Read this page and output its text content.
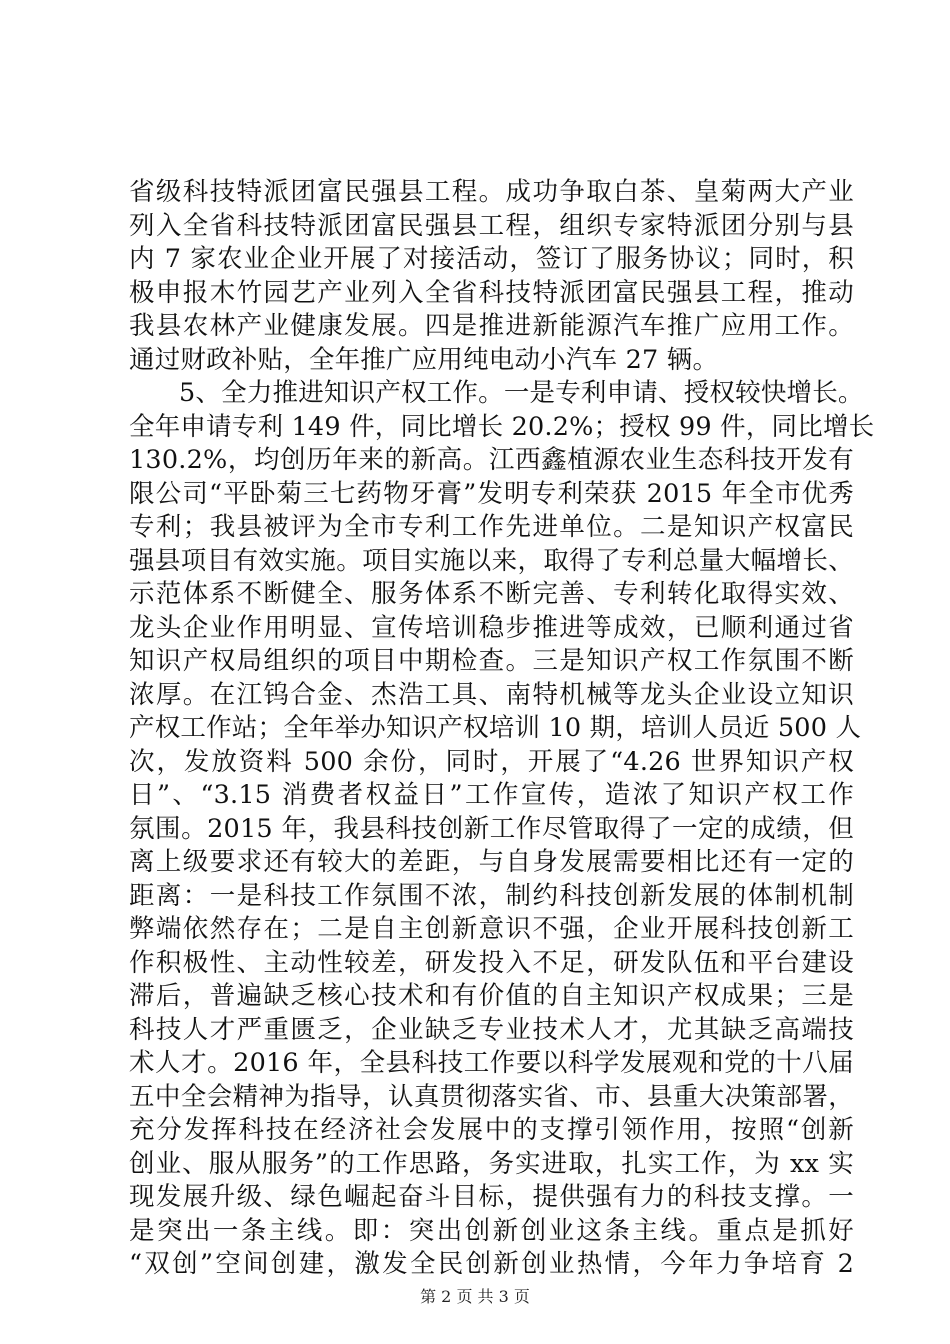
省级科技特派团富民强县工程。成功争取白茶、皇菊两大产业
列入全省科技特派团富民强县工程，组织专家特派团分别与县
内 7 家农业企业开展了对接活动，签订了服务协议；同时，积
极申报木竹园艺产业列入全省科技特派团富民强县工程，推动
我县农林产业健康发展。四是推进新能源汽车推广应用工作。
通过财政补贴，全年推广应用纯电动小汽车 27 辆。
5、全力推进知识产权工作。一是专利申请、授权较快增长。
全年申请专利 149 件，同比增长 20.2%；授权 99 件，同比增长
130.2%，均创历年来的新高。江西鑫植源农业生态科技开发有
限公司“平卧菊三七药物牙膏”发明专利荣获 2015 年全市优秀
专利；我县被评为全市专利工作先进单位。二是知识产权富民
强县项目有效实施。项目实施以来，取得了专利总量大幅增长、
示范体系不断健全、服务体系不断完善、专利转化取得实效、
龙头企业作用明显、宣传培训稳步推进等成效，已顺利通过省
知识产权局组织的项目中期检查。三是知识产权工作氛围不断
浓厚。在江钨合金、杰浩工具、南特机械等龙头企业设立知识
产权工作站；全年举办知识产权培训 10 期，培训人员近 500 人
次，发放资料 500 余份，同时，开展了“4.26 世界知识产权
日”、“3.15 消费者权益日”工作宣传，造浓了知识产权工作
氛围。2015 年，我县科技创新工作尽管取得了一定的成绩，但
离上级要求还有较大的差距，与自身发展需要相比还有一定的
距离：一是科技工作氛围不浓，制约科技创新发展的体制机制
弊端依然存在；二是自主创新意识不强，企业开展科技创新工
作积极性、主动性较差，研发投入不足，研发队伍和平台建设
滞后，普遍缺乏核心技术和有价值的自主知识产权成果；三是
科技人才严重匮乏，企业缺乏专业技术人才，尤其缺乏高端技
术人才。2016 年，全县科技工作要以科学发展观和党的十八届
五中全会精神为指导，认真贯彻落实省、市、县重大决策部署，
充分发挥科技在经济社会发展中的支撑引领作用，按照“创新
创业、服从服务”的工作思路，务实进取，扎实工作，为 xx 实
现发展升级、绿色崛起奋斗目标，提供强有力的科技支撑。一
是突出一条主线。即：突出创新创业这条主线。重点是抓好
“双创”空间创建，激发全民创新创业热情，今年力争培育 2
第 2 页 共 3 页
